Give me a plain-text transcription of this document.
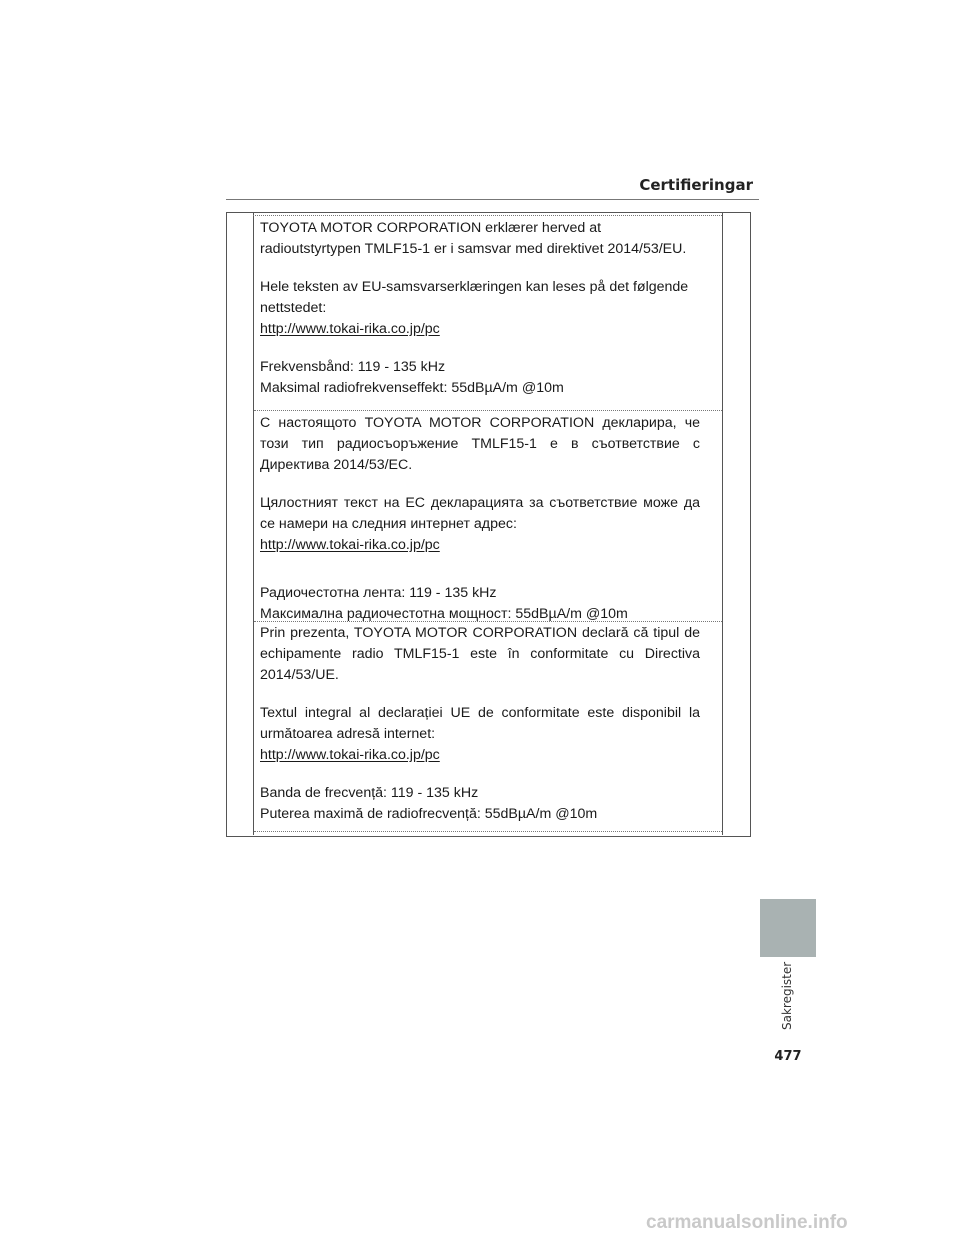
Certifieringar

TOYOTA MOTOR CORPORATION erklærer herved at radioutstyrtypen TMLF15-1 er i samsvar med direktivet 2014/53/EU.

Hele teksten av EU-samsvarserklæringen kan leses på det følgende nettstedet:

http://www.tokai-rika.co.jp/pc

Frekvensbånd: 119 - 135 kHz

Maksimal radiofrekvenseffekt: 55dBµA/m @10m

С настоящото TOYOTA MOTOR CORPORATION декларира, че този тип радиосъоръжение TMLF15-1 е в съответствие с Директива 2014/53/ЕС.

Цялостният текст на ЕС декларацията за съответствие може да се намери на следния интернет адрес:

http://www.tokai-rika.co.jp/pc

Радиочестотна лента: 119 - 135 kHz

Максимална радиочестотна мощност: 55dBµA/m @10m

Prin prezenta, TOYOTA MOTOR CORPORATION declară că tipul de echipamente radio TMLF15-1 este în conformitate cu Directiva 2014/53/UE.

Textul integral al declarației UE de conformitate este disponibil la următoarea adresă internet:

http://www.tokai-rika.co.jp/pc

Banda de frecvență: 119 - 135 kHz

Puterea maximă de radiofrecvență: 55dBµA/m @10m

Sakregister
477
carmanualsonline.info
